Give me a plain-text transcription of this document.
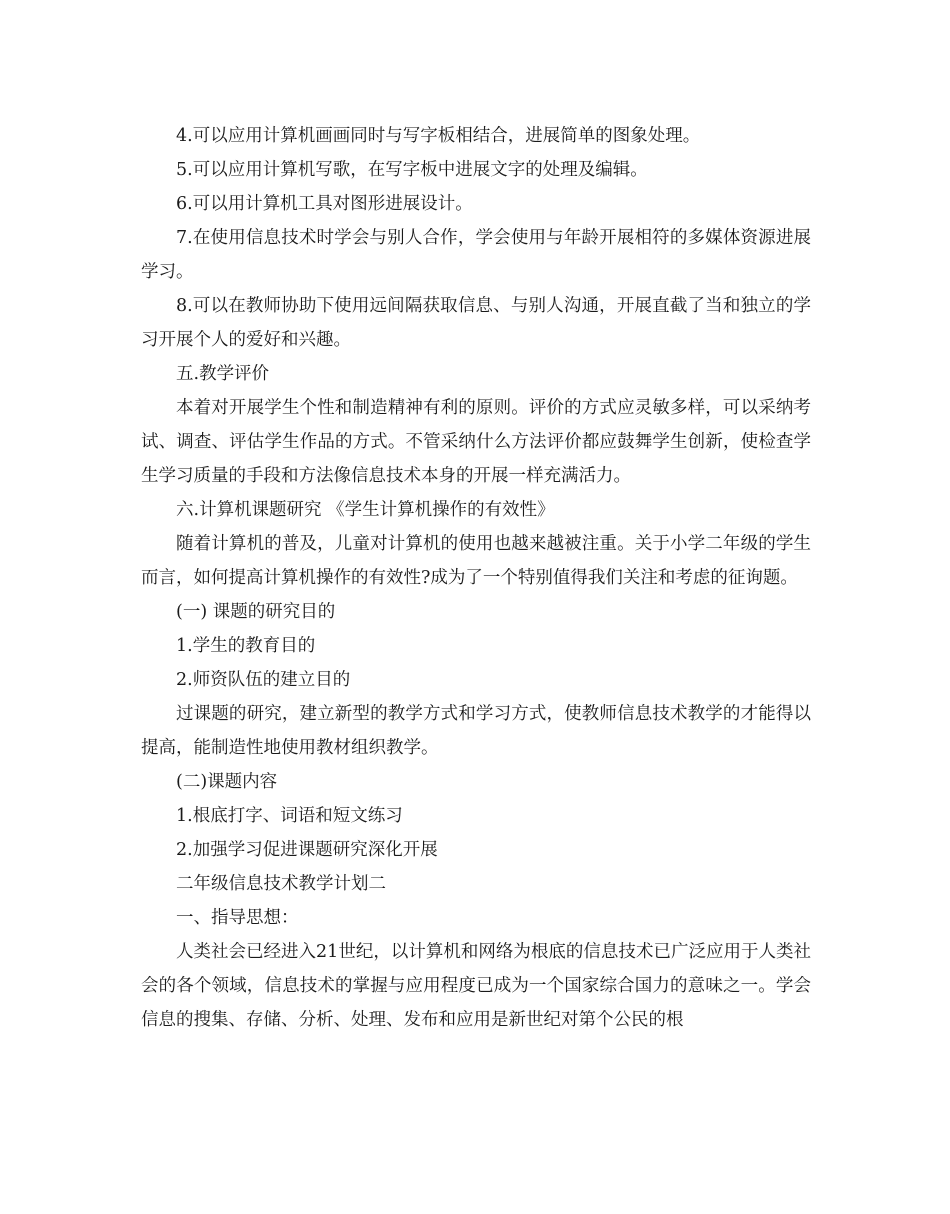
4.可以应用计算机画画同时与写字板相结合，进展简单的图象处理。

5.可以应用计算机写歌，在写字板中进展文字的处理及编辑。

6.可以用计算机工具对图形进展设计。

7.在使用信息技术时学会与别人合作，学会使用与年龄开展相符的多媒体资源进展学习。

8.可以在教师协助下使用远间隔获取信息、与别人沟通，开展直截了当和独立的学习开展个人的爱好和兴趣。

五.教学评价

本着对开展学生个性和制造精神有利的原则。评价的方式应灵敏多样，可以采纳考试、调查、评估学生作品的方式。不管采纳什么方法评价都应鼓舞学生创新，使检查学生学习质量的手段和方法像信息技术本身的开展一样充满活力。

六.计算机课题研究 《学生计算机操作的有效性》

随着计算机的普及，儿童对计算机的使用也越来越被注重。关于小学二年级的学生而言，如何提高计算机操作的有效性?成为了一个特别值得我们关注和考虑的征询题。

(一) 课题的研究目的

1.学生的教育目的

2.师资队伍的建立目的

过课题的研究，建立新型的教学方式和学习方式，使教师信息技术教学的才能得以提高，能制造性地使用教材组织教学。

(二)课题内容

1.根底打字、词语和短文练习

2.加强学习促进课题研究深化开展

二年级信息技术教学计划二

一、指导思想：

人类社会已经进入21世纪，以计算机和网络为根底的信息技术已广泛应用于人类社会的各个领域，信息技术的掌握与应用程度已成为一个国家综合国力的意味之一。学会信息的搜集、存储、分析、处理、发布和应用是新世纪对第个公民的根
